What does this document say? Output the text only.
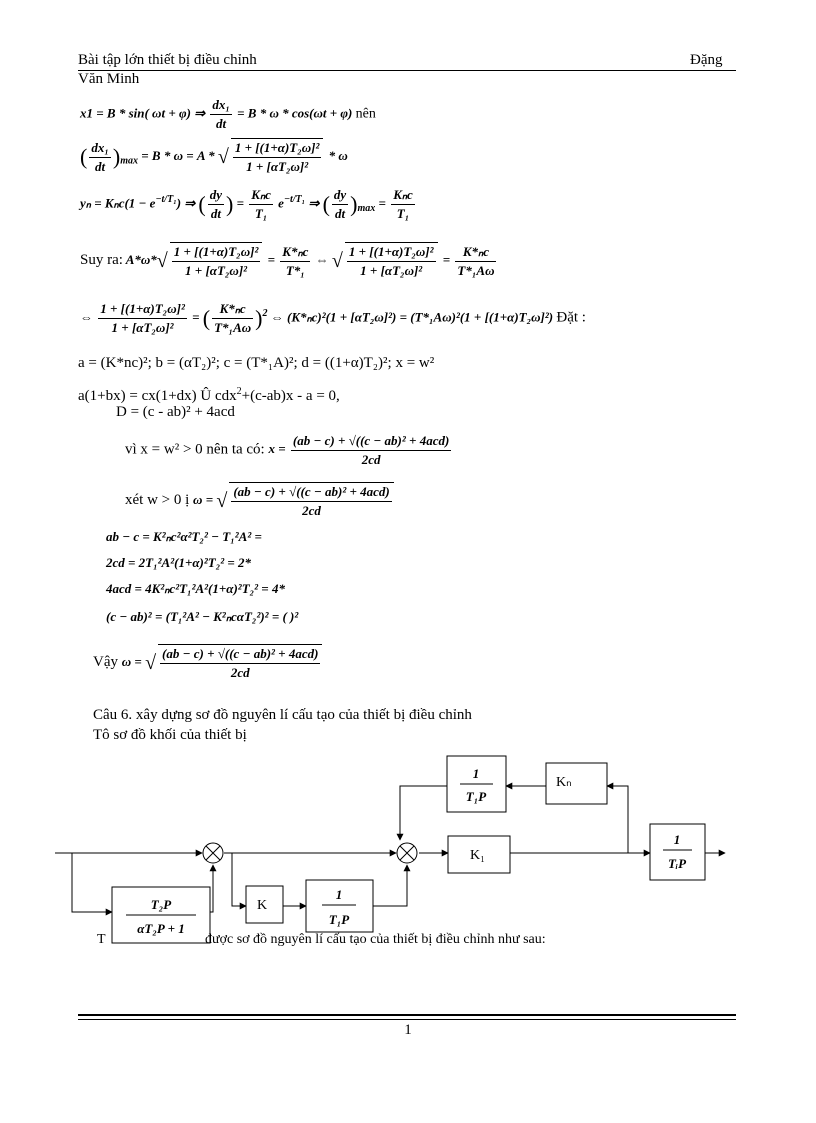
Bài tập lớn thiết bị điều chỉnh	Đặng
Văn Minh
x1 = B * sin( ωt + φ) ⇒ $\frac{\text{dx₁}}{dt} = B * \omega * \cos(\omega t + \varphi)$ nên
( $\frac{\text{dx₁}}{dt} )_{max} = B * \omega = A$ * √ $\frac{\text{1 + [(1+α)T₂ω]²}}{\text{1 + [αT₂ω]²}}$ * ω
$y_n = K_nc(1 - e^{-t/T_1})$ ⇒ ( $\frac{dy}{dt}$ ) = $\frac{\text{Kₙc}}{\text{T₁}} e^{-t/T_1}$ ⇒ ( $\frac{dy}{dt} )_{max} = \frac{\text{Kₙc}}{\text{T₁}}$
Suy ra: $A*\omega*√ \frac{\text{1 + [(1+α)T₂ω]²}}{\text{1 + [αT₂ω]²}} = \frac{\text{K*ₙc}}{\text{T*₁}}$ ⇔ √ $\frac{\text{1 + [(1+α)T₂ω]²}}{\text{1 + [αT₂ω]²}} = \frac{\text{K*ₙc}}{\text{T*₁Aω}}$
⇔ $\frac{\text{1 + [(1+α)T₂ω]²}}{\text{1 + [αT₂ω]²}}$ = ( $\frac{\text{K*ₙc}}{\text{T*₁Aω}} )^2$ ⇔ (K*ₙc)²(1 + [αT₂ω]²) = (T*₁Aω)²(1 + [(1+α)T₂ω]²) Đặt :
a = (K*nc)²; b = (αT₂)²; c = (T*₁A)²; d = ((1+α)T₂)²; x = w²
a(1+bx) = cx(1+dx) Û cdx$^2$+(c-ab)x - a = 0,
D = (c - ab)² + 4acd
vì x = w² > 0 nên ta có: $x = \frac{\text{(ab − c) + √((c − ab)² + 4acd)}}{2cd}$
xét w > 0 ị ω = √ $\frac{\text{(ab − c) + √((c − ab)² + 4acd)}}{2cd}$
ab − c = K²ₙc²α²T₂² − T₁²A² =
2cd = 2T₁²A²(1+α)²T₂² = 2*
4acd = 4K²ₙc²T₁²A²(1+α)²T₂² = 4*
(c − ab)² = (T₁²A² − K²ₙcαT₂²)² = ( )²
Vậy ω = √ $\frac{\text{(ab − c) + √((c − ab)² + 4acd)}}{2cd}$
Câu 6. xây dựng sơ đồ nguyên lí cấu tạo của thiết bị điều chỉnh
Tô sơ đồ khối của thiết bị
1
T₁P
Kₙ
K₁
1
TᵢP
T₂P
αT₂P + 1
K
1
T₁P
T	được sơ đồ nguyên lí cấu tạo của thiết bị điều chỉnh như sau:
1
